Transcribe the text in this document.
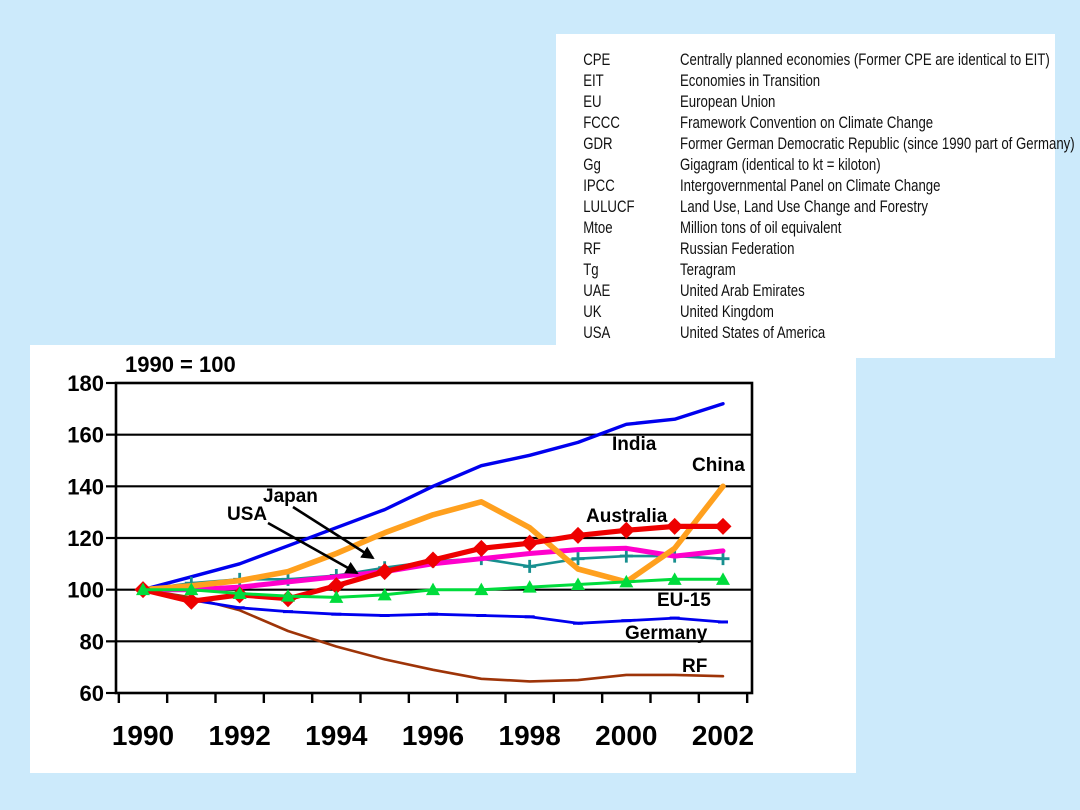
CPE	Centrally planned economies (Former CPE are identical to EIT)
EIT	Economies in Transition
EU	European Union
FCCC	Framework Convention on Climate Change
GDR	Former German Democratic Republic (since 1990 part of Germany)
Gg	Gigagram (identical to kt = kiloton)
IPCC	Intergovernmental Panel on Climate Change
LULUCF	Land Use, Land Use Change and Forestry
Mtoe	Million tons of oil equivalent
RF	Russian Federation
Tg	Teragram
UAE	United Arab Emirates
UK	United Kingdom
USA	United States of America
60
80
100
120
140
160
180
1990 1992 1994 1996 1998 2000 2002
1990 = 100
Japan
USA
India
China
Australia
EU-15
Germany
RF
